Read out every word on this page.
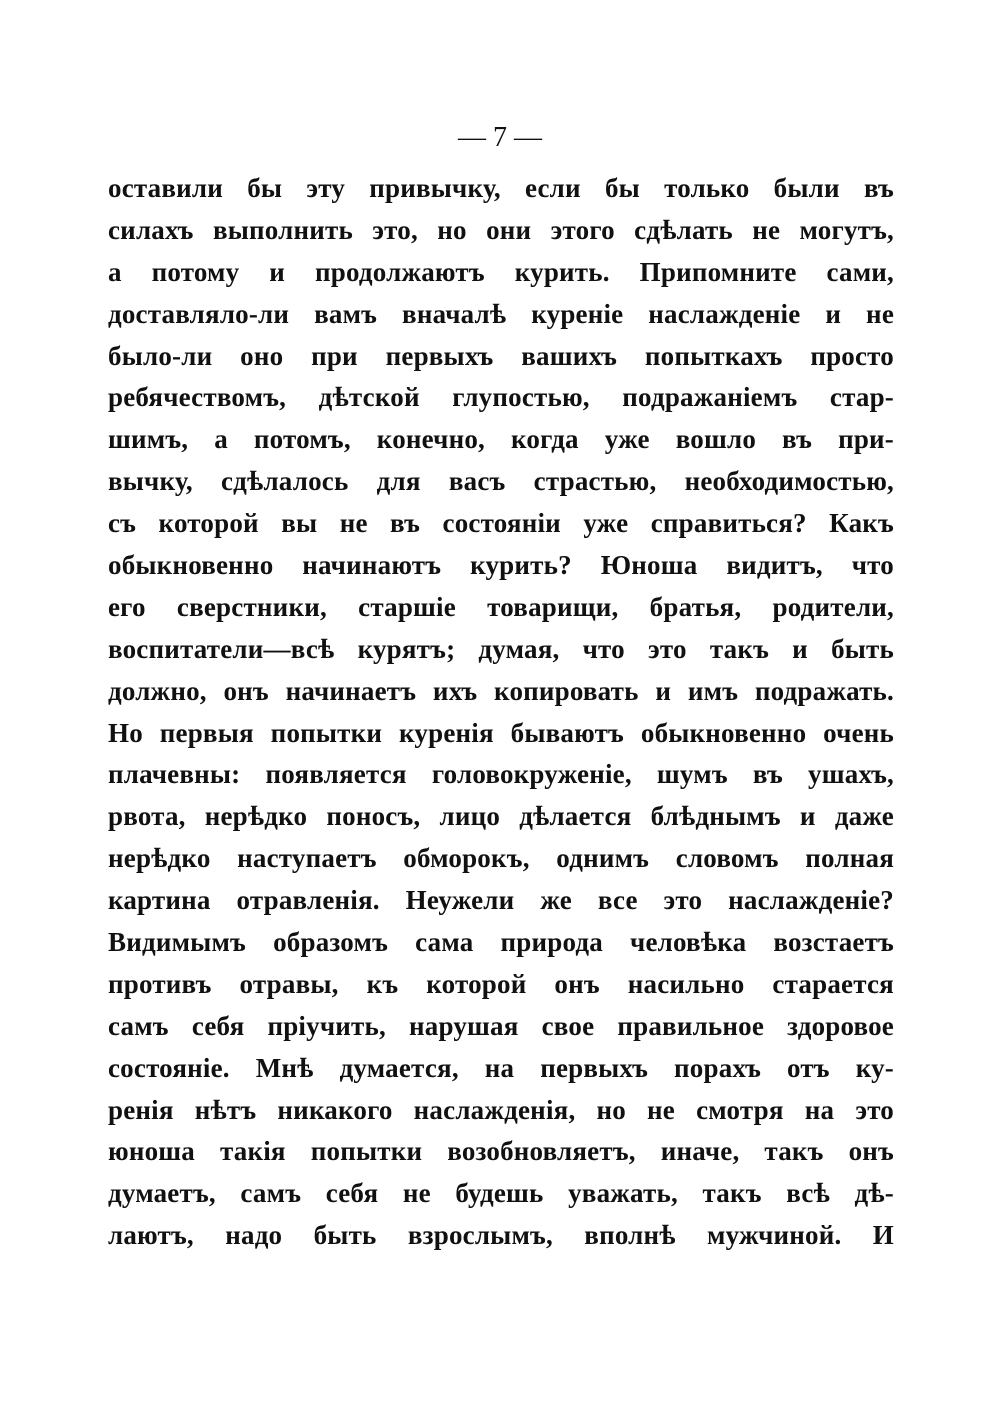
— 7 —
оставили бы эту привычку, если бы только были въ
силахъ выполнить это, но они этого сдѣлать не могутъ,
а потому и продолжаютъ курить. Припомните сами,
доставляло-ли вамъ вначалѣ куреніе наслажденіе и не
было-ли оно при первыхъ вашихъ попыткахъ просто
ребячествомъ, дѣтской глупостью, подражаніемъ стар-
шимъ, а потомъ, конечно, когда уже вошло въ при-
вычку, сдѣлалось для васъ страстью, необходимостью,
съ которой вы не въ состояніи уже справиться? Какъ
обыкновенно начинаютъ курить? Юноша видитъ, что
его сверстники, старшіе товарищи, братья, родители,
воспитатели—всѣ курятъ; думая, что это такъ и быть
должно, онъ начинаетъ ихъ копировать и имъ подражать.
Но первыя попытки куренія бываютъ обыкновенно очень
плачевны: появляется головокруженіе, шумъ въ ушахъ,
рвота, нерѣдко поносъ, лицо дѣлается блѣднымъ и даже
нерѣдко наступаетъ обморокъ, однимъ словомъ полная
картина отравленія. Неужели же все это наслажденіе?
Видимымъ образомъ сама природа человѣка возстаетъ
противъ отравы, къ которой онъ насильно старается
самъ себя пріучить, нарушая свое правильное здоровое
состояніе. Мнѣ думается, на первыхъ порахъ отъ ку-
ренія нѣтъ никакого наслажденія, но не смотря на это
юноша такія попытки возобновляетъ, иначе, такъ онъ
думаетъ, самъ себя не будешь уважать, такъ всѣ дѣ-
лаютъ, надо быть взрослымъ, вполнѣ мужчиной. И
